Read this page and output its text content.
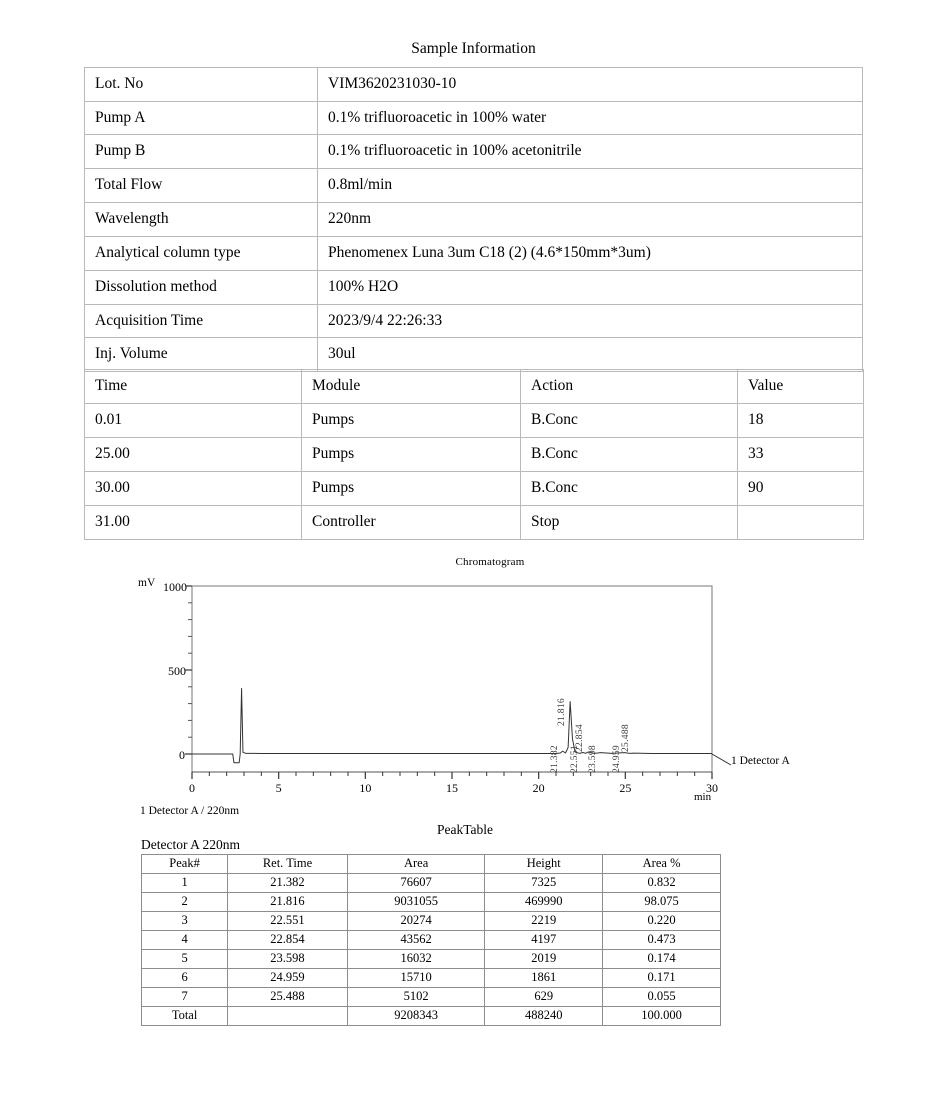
Sample Information	
Lot. No	VIM3620231030-10
Pump A	0.1% trifluoroacetic in 100% water
Pump B	0.1% trifluoroacetic in 100% acetonitrile
Total Flow	0.8ml/min
Wavelength	220nm
Analytical column type	Phenomenex Luna 3um C18 (2) (4.6*150mm*3um)
Dissolution method	100% H2O
Acquisition Time	2023/9/4 22:26:33
Inj. Volume	30ul
Time	Module	Action	Value
0.01	Pumps	B.Conc	18
25.00	Pumps	B.Conc	33
30.00	Pumps	B.Conc	90
31.00	Controller	Stop	
Chromatogram
mV 1000
500
0
min
1 Detector A
1 Detector A / 220nm
21.382
21.816
22.551
22.854
23.598 24.959
25.488
0	5	10	15	20	25	30
PeakTable
Detector A 220nm
Peak#	Ret. Time	Area	Height	Area %
1	21.382	76607	7325	0.832
2	21.816	9031055	469990	98.075
3	22.551	20274	2219	0.220
4	22.854	43562	4197	0.473
5	23.598	16032	2019	0.174
6	24.959	15710	1861	0.171
7	25.488	5102	629	0.055
Total		9208343	488240	100.000
